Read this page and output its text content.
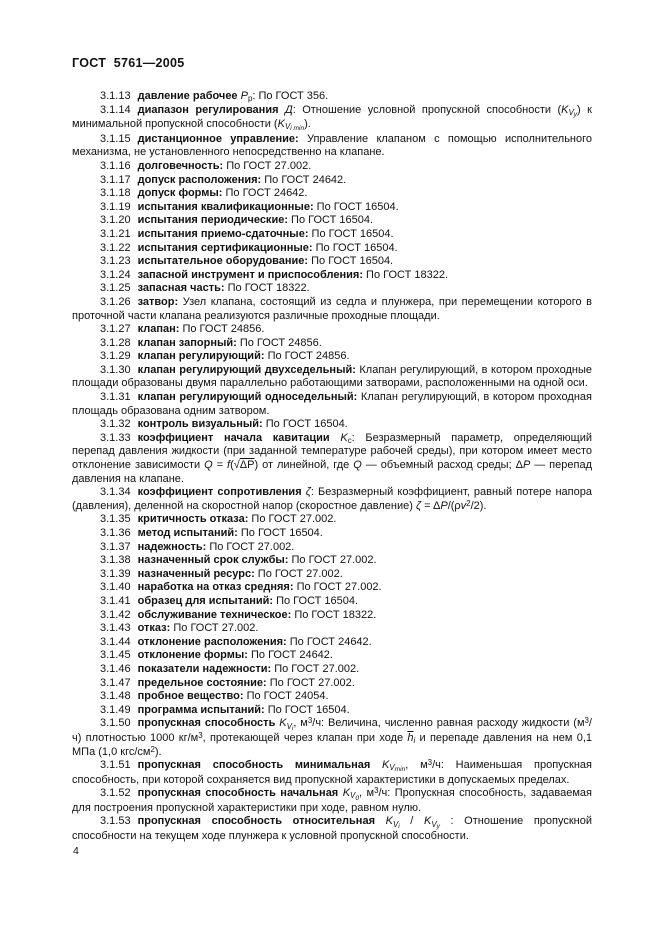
ГОСТ  5761—2005

3.1.13 давление рабочее $P_р$: По ГОСТ 356.

3.1.14 диапазон регулирования Д: Отношение условной пропускной способности $(K_{Vу})$ к минимальной пропускной способности $(K_{Vi min})$.

3.1.15 дистанционное управление: Управление клапаном с помощью исполнительного механизма, не установленного непосредственно на клапане.

3.1.16 долговечность: По ГОСТ 27.002.

3.1.17 допуск расположения: По ГОСТ 24642.

3.1.18 допуск формы: По ГОСТ 24642.

3.1.19 испытания квалификационные: По ГОСТ 16504.

3.1.20 испытания периодические: По ГОСТ 16504.

3.1.21 испытания приемо-сдаточные: По ГОСТ 16504.

3.1.22 испытания сертификационные: По ГОСТ 16504.

3.1.23 испытательное оборудование: По ГОСТ 16504.

3.1.24 запасной инструмент и приспособления: По ГОСТ 18322.

3.1.25 запасная часть: По ГОСТ 18322.

3.1.26 затвор: Узел клапана, состоящий из седла и плунжера, при перемещении которого в проточной части клапана реализуются различные проходные площади.

3.1.27 клапан: По ГОСТ 24856.

3.1.28 клапан запорный: По ГОСТ 24856.

3.1.29 клапан регулирующий: По ГОСТ 24856.

3.1.30 клапан регулирующий двухседельный: Клапан регулирующий, в котором проходные площади образованы двумя параллельно работающими затворами, расположенными на одной оси.

3.1.31 клапан регулирующий односедельный: Клапан регулирующий, в котором проходная площадь образована одним затвором.

3.1.32 контроль визуальный: По ГОСТ 16504.

3.1.33 коэффициент начала кавитации $K_с$: Безразмерный параметр, определяющий перепад давления жидкости (при заданной температуре рабочей среды), при котором имеет место отклонение зависимости Q = f(√ΔP) от линейной, где Q — объемный расход среды; ΔP — перепад давления на клапане.

3.1.34 коэффициент сопротивления ζ: Безразмерный коэффициент, равный потере напора (давления), деленной на скоростной напор (скоростное давление) $\zeta = \Delta P/(\rho v^2/2)$.

3.1.35 критичность отказа: По ГОСТ 27.002.

3.1.36 метод испытаний: По ГОСТ 16504.

3.1.37 надежность: По ГОСТ 27.002.

3.1.38 назначенный срок службы: По ГОСТ 27.002.

3.1.39 назначенный ресурс: По ГОСТ 27.002.

3.1.40 наработка на отказ средняя: По ГОСТ 27.002.

3.1.41 образец для испытаний: По ГОСТ 16504.

3.1.42 обслуживание техническое: По ГОСТ 18322.

3.1.43 отказ: По ГОСТ 27.002.

3.1.44 отклонение расположения: По ГОСТ 24642.

3.1.45 отклонение формы: По ГОСТ 24642.

3.1.46 показатели надежности: По ГОСТ 27.002.

3.1.47 предельное состояние: По ГОСТ 27.002.

3.1.48 пробное вещество: По ГОСТ 24054.

3.1.49 программа испытаний: По ГОСТ 16504.

3.1.50 пропускная способность $K_{Vi}$, $м^3/ч$: Величина, численно равная расходу жидкости $(м^3/ч)$ плотностью 1000 $кг/м^3$, протекающей через клапан при ходе $\overline{h}_i$ и перепаде давления на нем 0,1 МПа (1,0 кгс/$см^2$).

3.1.51 пропускная способность минимальная $K_{Vmin}$, $м^3/ч$: Наименьшая пропускная способность, при которой сохраняется вид пропускной характеристики в допускаемых пределах.

3.1.52 пропускная способность начальная $K_{V0}$, $м^3/ч$: Пропускная способность, задаваемая для построения пропускной характеристики при ходе, равном нулю.

3.1.53 пропускная способность относительная $K_{Vi} / K_{Vу}$ : Отношение пропускной способности на текущем ходе плунжера к условной пропускной способности.

4
